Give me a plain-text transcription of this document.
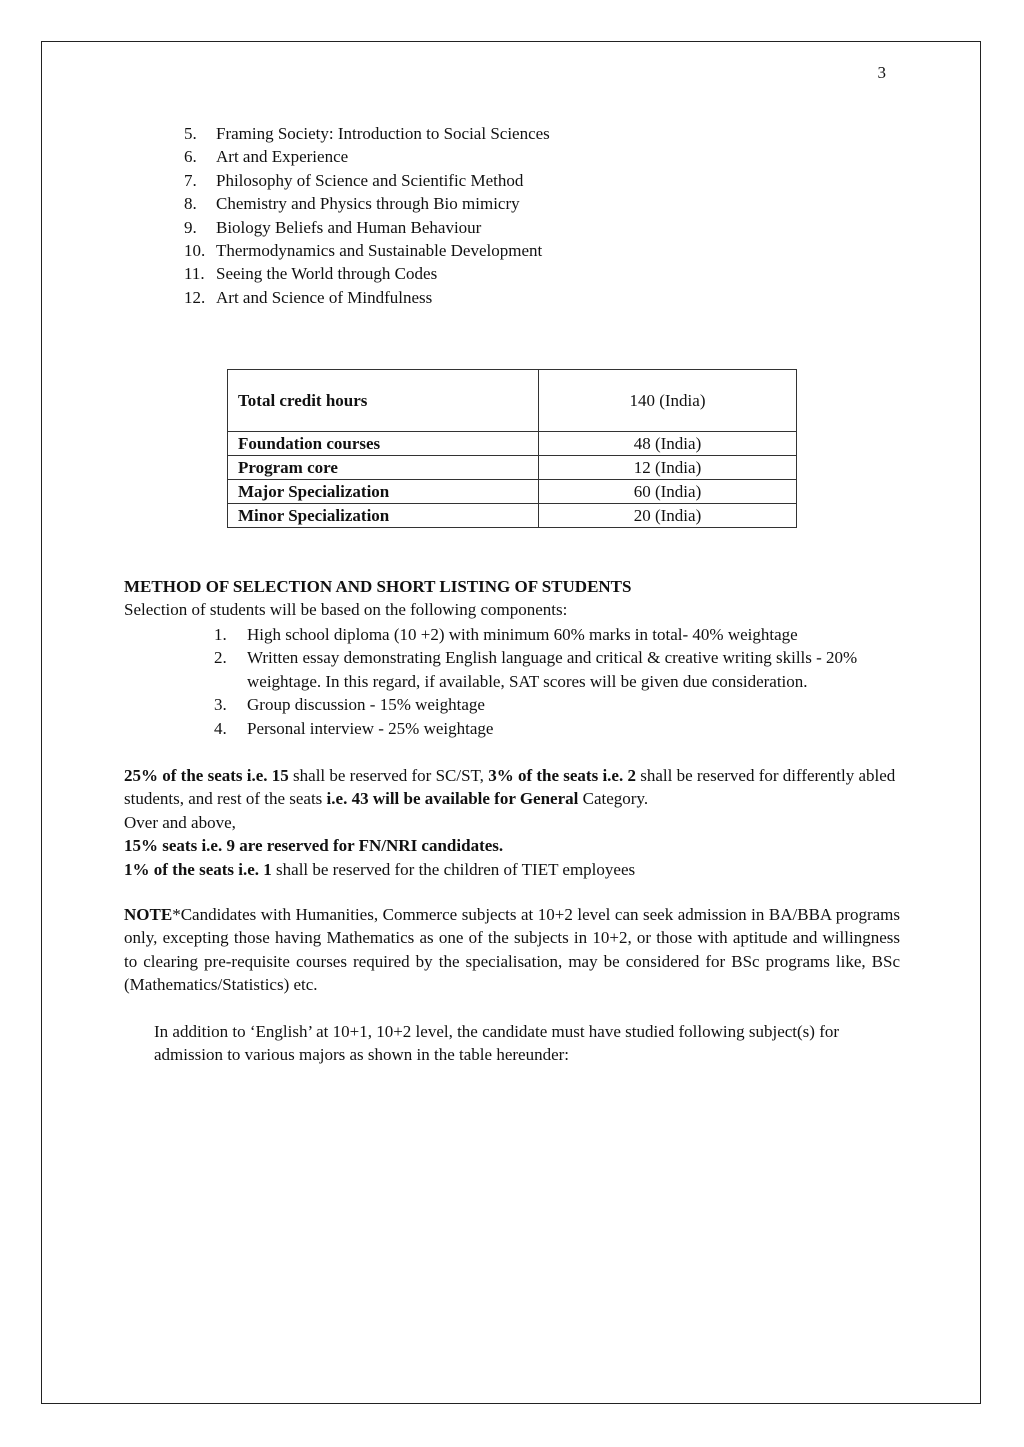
3
5. Framing Society: Introduction to Social Sciences
6. Art and Experience
7. Philosophy of Science and Scientific Method
8. Chemistry and Physics through Bio mimicry
9. Biology Beliefs and Human Behaviour
10. Thermodynamics and Sustainable Development
11. Seeing the World through Codes
12. Art and Science of Mindfulness
Total credit hours	140 (India)
Foundation courses	48 (India)
Program core	12 (India)
Major Specialization	60 (India)
Minor Specialization	20 (India)
METHOD OF SELECTION AND SHORT LISTING OF STUDENTS
Selection of students will be based on the following components:
1. High school diploma (10 +2) with minimum 60% marks in total- 40% weightage
2. Written essay demonstrating English language and critical & creative writing skills - 20% weightage. In this regard, if available, SAT scores will be given due consideration.
3. Group discussion - 15% weightage
4. Personal interview - 25% weightage
25% of the seats i.e. 15 shall be reserved for SC/ST, 3% of the seats i.e. 2 shall be reserved for differently abled students, and rest of the seats i.e. 43 will be available for General Category.
Over and above,
15% seats i.e. 9 are reserved for FN/NRI candidates.
1% of the seats i.e. 1 shall be reserved for the children of TIET employees
NOTE*Candidates with Humanities, Commerce subjects at 10+2 level can seek admission in BA/BBA programs only, excepting those having Mathematics as one of the subjects in 10+2, or those with aptitude and willingness to clearing pre-requisite courses required by the specialisation, may be considered for BSc programs like, BSc (Mathematics/Statistics) etc.
In addition to ‘English’ at 10+1, 10+2 level, the candidate must have studied following subject(s) for admission to various majors as shown in the table hereunder:
